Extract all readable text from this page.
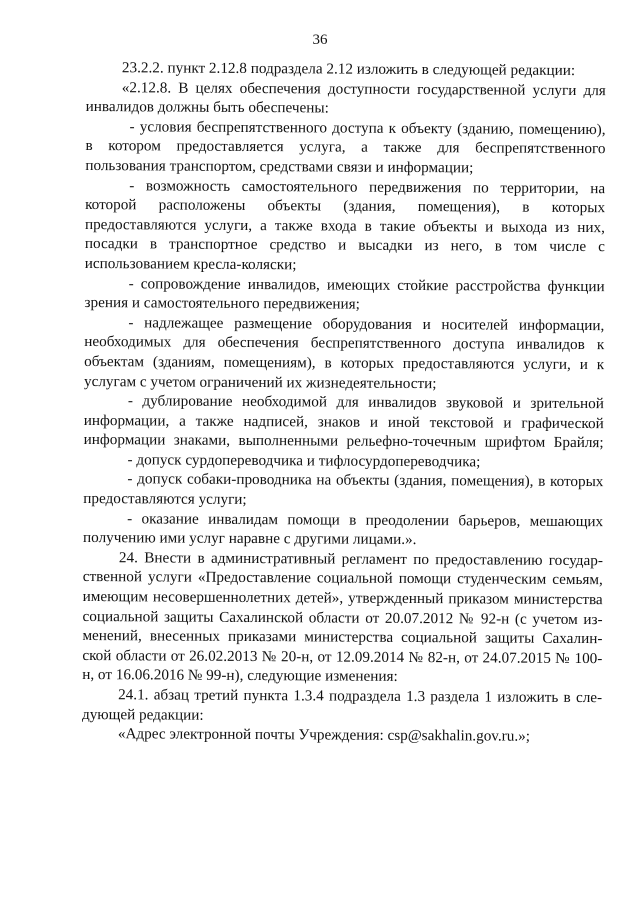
36
23.2.2. пункт 2.12.8 подраздела 2.12 изложить в следующей редакции:
«2.12.8. В целях обеспечения доступности государственной услуги для
инвалидов должны быть обеспечены:
- условия беспрепятственного доступа к объекту (зданию, помещению),
в котором предоставляется услуга, а также для беспрепятственного
пользования транспортом, средствами связи и информации;
- возможность самостоятельного передвижения по территории, на
которой расположены объекты (здания, помещения), в которых
предоставляются услуги, а также входа в такие объекты и выхода из них,
посадки в транспортное средство и высадки из него, в том числе с
использованием кресла-коляски;
- сопровождение инвалидов, имеющих стойкие расстройства функции
зрения и самостоятельного передвижения;
- надлежащее размещение оборудования и носителей информации,
необходимых для обеспечения беспрепятственного доступа инвалидов к
объектам (зданиям, помещениям), в которых предоставляются услуги, и к
услугам с учетом ограничений их жизнедеятельности;
- дублирование необходимой для инвалидов звуковой и зрительной
информации, а также надписей, знаков и иной текстовой и графической
информации знаками, выполненными рельефно-точечным шрифтом Брайля;
- допуск сурдопереводчика и тифлосурдопереводчика;
- допуск собаки-проводника на объекты (здания, помещения), в которых
предоставляются услуги;
- оказание инвалидам помощи в преодолении барьеров, мешающих
получению ими услуг наравне с другими лицами.».
24. Внести в административный регламент по предоставлению государ-
ственной услуги «Предоставление социальной помощи студенческим семьям,
имеющим несовершеннолетних детей», утвержденный приказом министерства
социальной защиты Сахалинской области от 20.07.2012 № 92-н (с учетом из-
менений, внесенных приказами министерства социальной защиты Сахалин-
ской области от 26.02.2013 № 20-н, от 12.09.2014 № 82-н, от 24.07.2015 № 100-
н, от 16.06.2016 № 99-н), следующие изменения:
24.1. абзац третий пункта 1.3.4 подраздела 1.3 раздела 1 изложить в сле-
дующей редакции:
«Адрес электронной почты Учреждения: csp@sakhalin.gov.ru.»;
